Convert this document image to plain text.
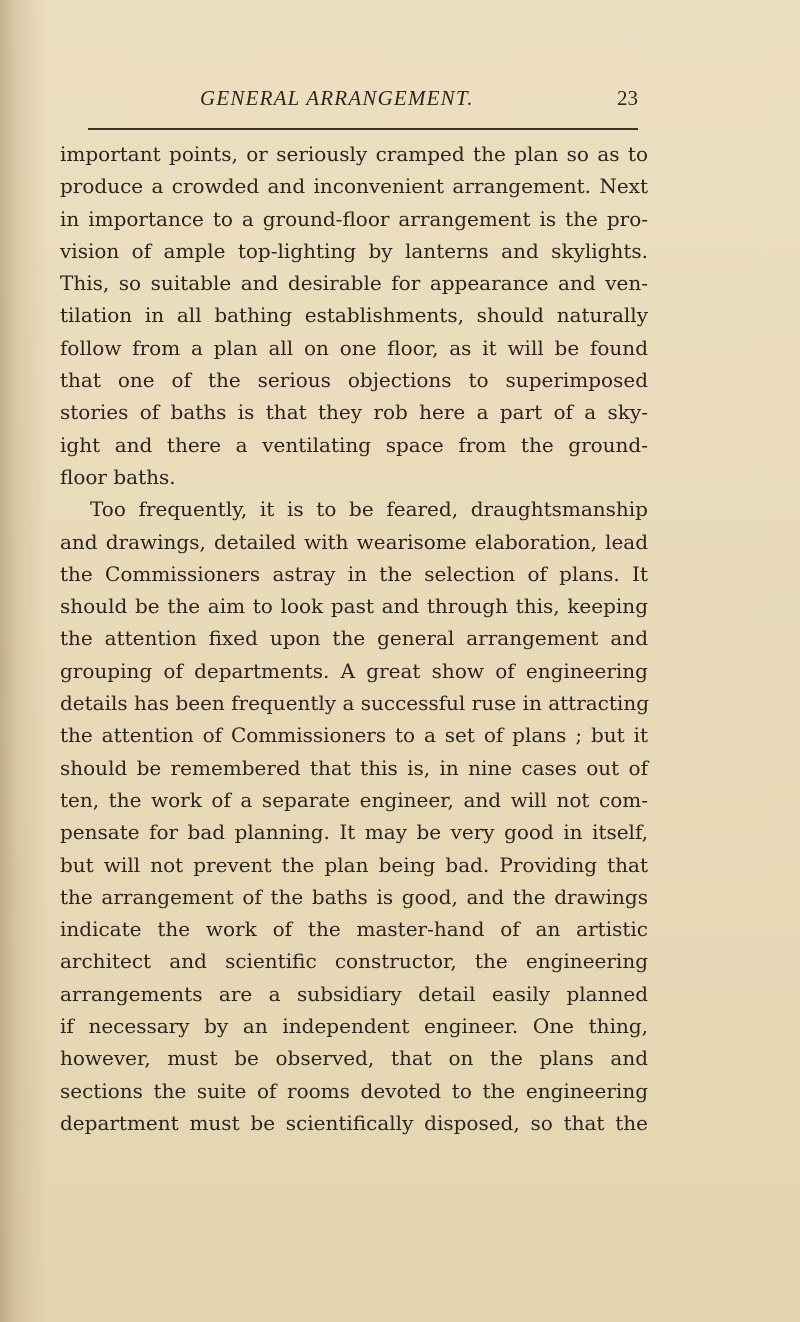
GENERAL ARRANGEMENT.	23
important points, or seriously cramped the plan so as to
produce a crowded and inconvenient arrangement. Next
in importance to a ground-floor arrangement is the pro-
vision of ample top-lighting by lanterns and skylights.
This, so suitable and desirable for appearance and ven-
tilation in all bathing establishments, should naturally
follow from a plan all on one floor, as it will be found
that one of the serious objections to superimposed
stories of baths is that they rob here a part of a sky-
ight and there a ventilating space from the ground-
floor baths.
Too frequently, it is to be feared, draughtsmanship
and drawings, detailed with wearisome elaboration, lead
the Commissioners astray in the selection of plans. It
should be the aim to look past and through this, keeping
the attention fixed upon the general arrangement and
grouping of departments. A great show of engineering
details has been frequently a successful ruse in attracting
the attention of Commissioners to a set of plans ; but it
should be remembered that this is, in nine cases out of
ten, the work of a separate engineer, and will not com-
pensate for bad planning. It may be very good in itself,
but will not prevent the plan being bad. Providing that
the arrangement of the baths is good, and the drawings
indicate the work of the master-hand of an artistic
architect and scientific constructor, the engineering
arrangements are a subsidiary detail easily planned
if necessary by an independent engineer. One thing,
however, must be observed, that on the plans and
sections the suite of rooms devoted to the engineering
department must be scientifically disposed, so that the
